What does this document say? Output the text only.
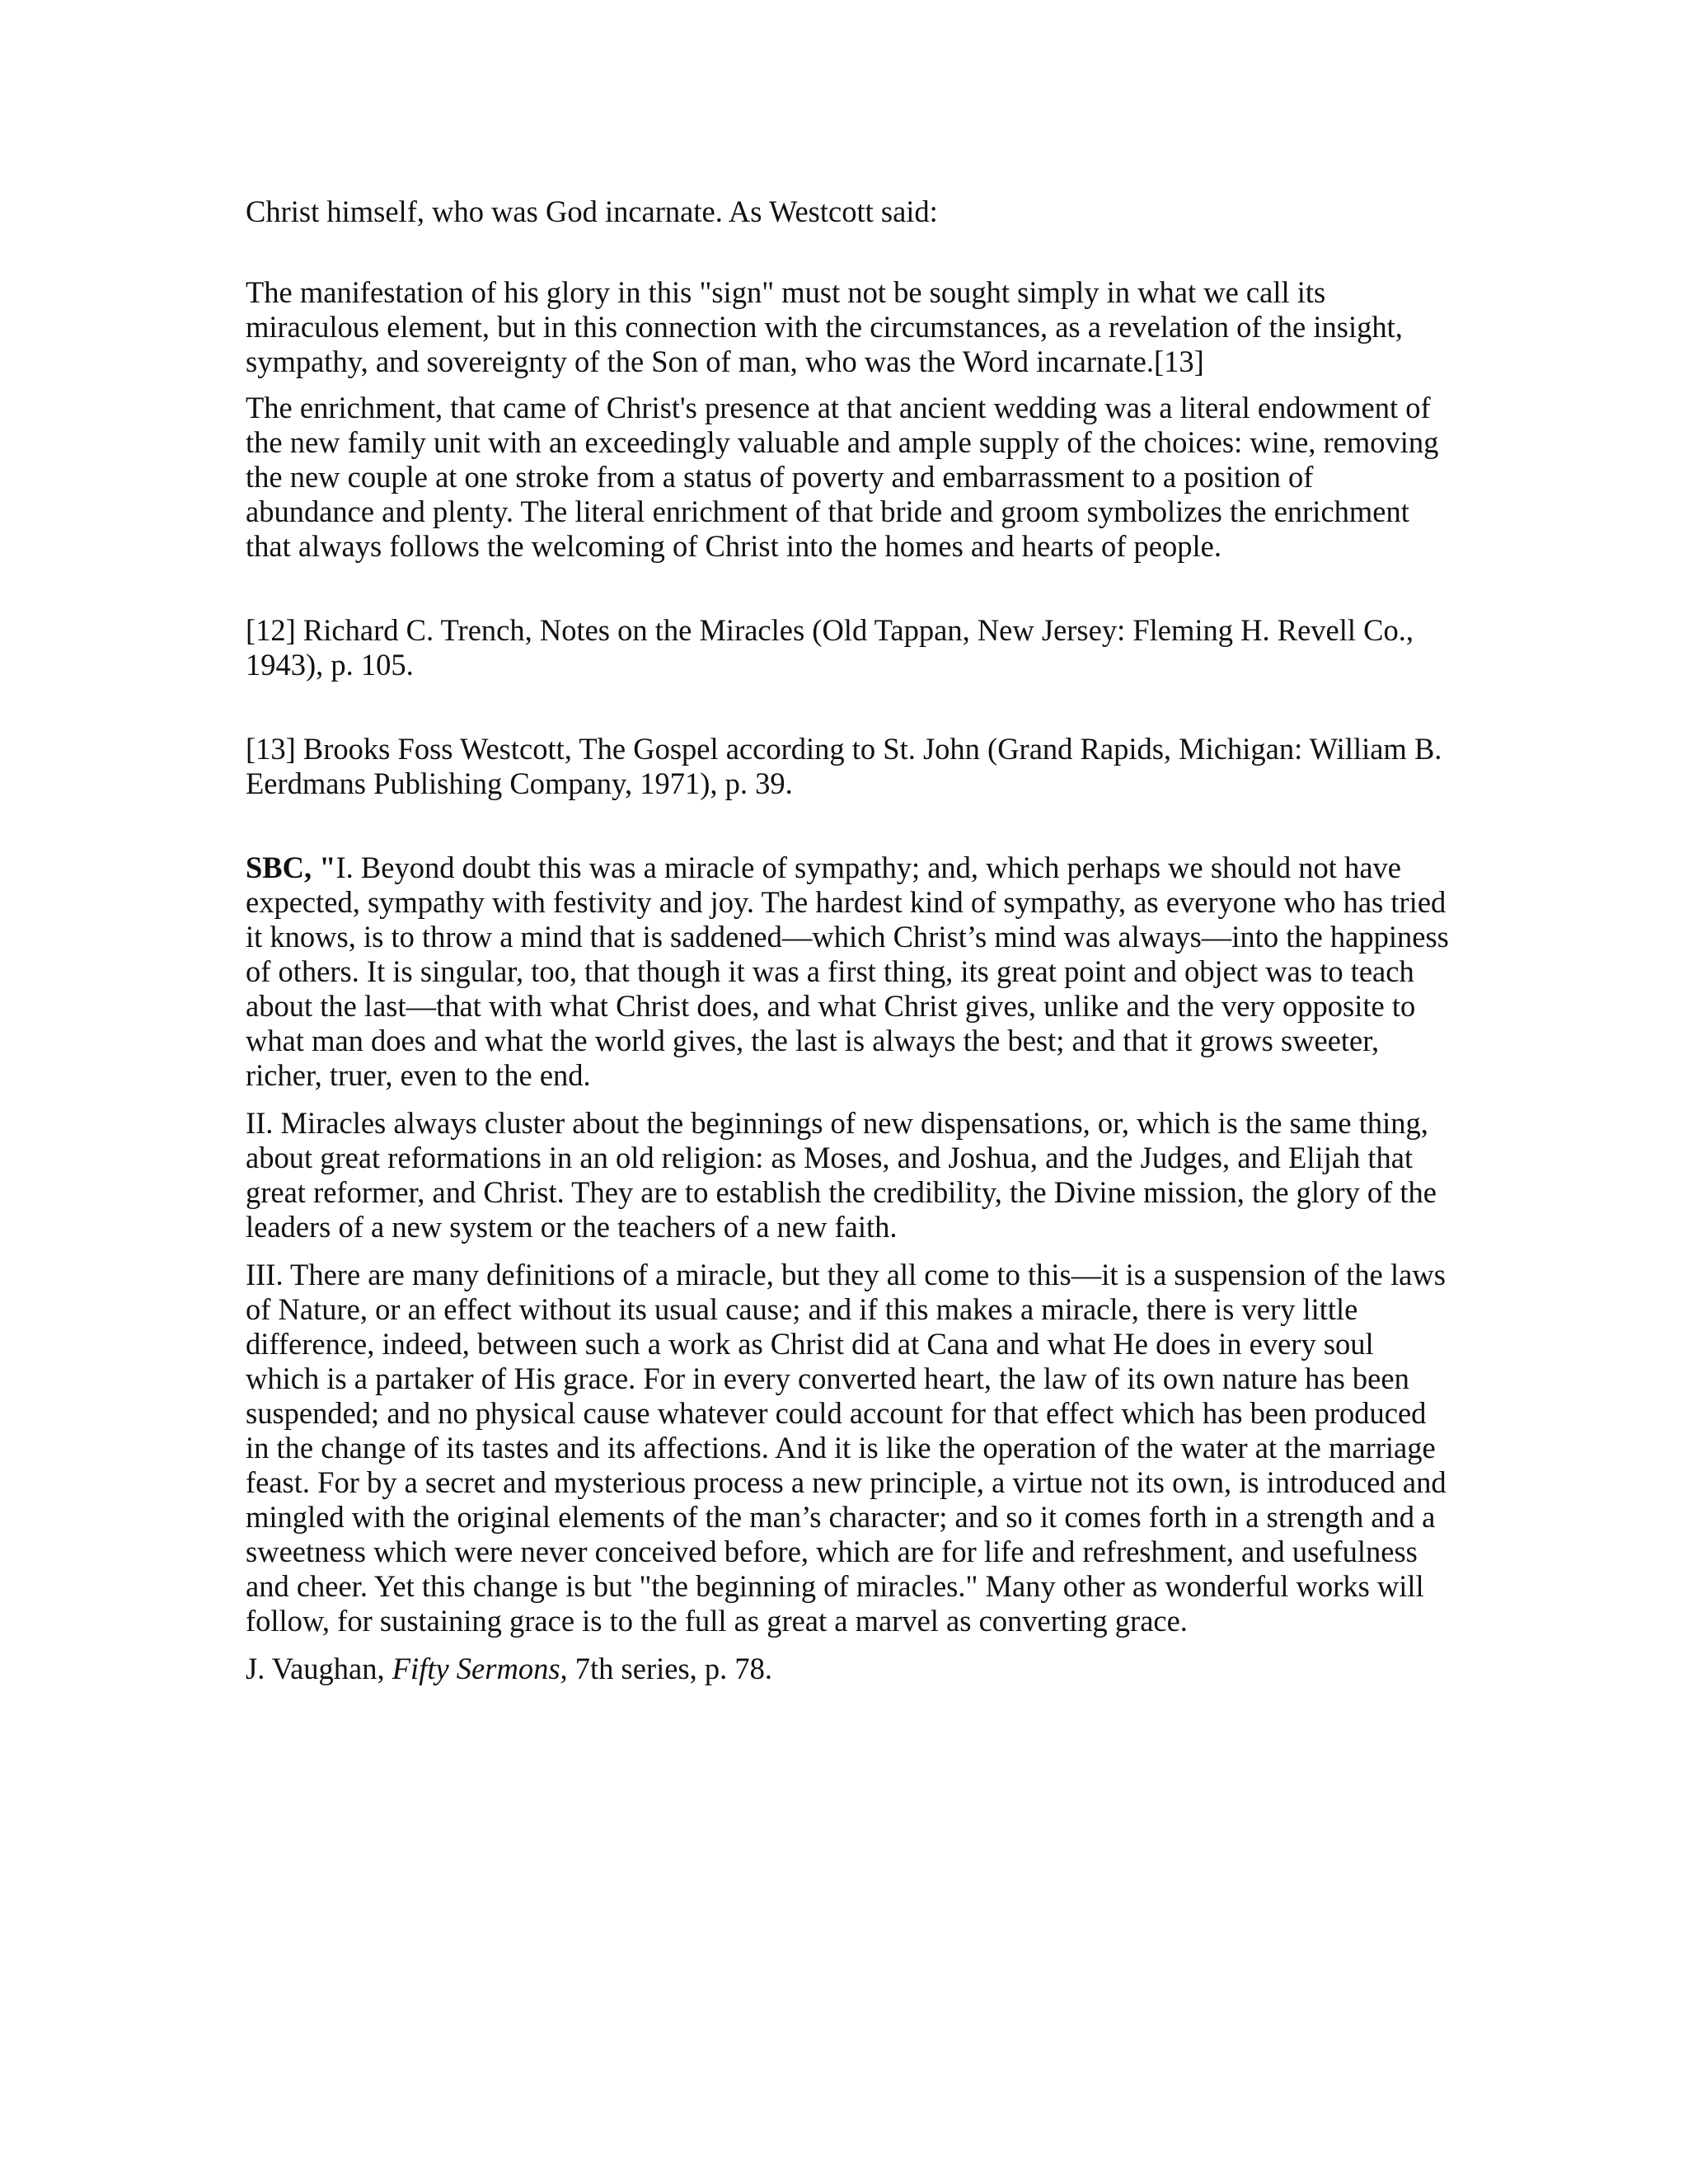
Christ himself, who was God incarnate. As Westcott said:

The manifestation of his glory in this "sign" must not be sought simply in what we call its miraculous element, but in this connection with the circumstances, as a revelation of the insight, sympathy, and sovereignty of the Son of man, who was the Word incarnate.[13]

The enrichment, that came of Christ's presence at that ancient wedding was a literal endowment of the new family unit with an exceedingly valuable and ample supply of the choices: wine, removing the new couple at one stroke from a status of poverty and embarrassment to a position of abundance and plenty. The literal enrichment of that bride and groom symbolizes the enrichment that always follows the welcoming of Christ into the homes and hearts of people.

[12] Richard C. Trench, Notes on the Miracles (Old Tappan, New Jersey: Fleming H. Revell Co., 1943), p. 105.

[13] Brooks Foss Westcott, The Gospel according to St. John (Grand Rapids, Michigan: William B. Eerdmans Publishing Company, 1971), p. 39.

SBC, "I. Beyond doubt this was a miracle of sympathy; and, which perhaps we should not have expected, sympathy with festivity and joy. The hardest kind of sympathy, as everyone who has tried it knows, is to throw a mind that is saddened—which Christ’s mind was always—into the happiness of others. It is singular, too, that though it was a first thing, its great point and object was to teach about the last—that with what Christ does, and what Christ gives, unlike and the very opposite to what man does and what the world gives, the last is always the best; and that it grows sweeter, richer, truer, even to the end.

II. Miracles always cluster about the beginnings of new dispensations, or, which is the same thing, about great reformations in an old religion: as Moses, and Joshua, and the Judges, and Elijah that great reformer, and Christ. They are to establish the credibility, the Divine mission, the glory of the leaders of a new system or the teachers of a new faith.

III. There are many definitions of a miracle, but they all come to this—it is a suspension of the laws of Nature, or an effect without its usual cause; and if this makes a miracle, there is very little difference, indeed, between such a work as Christ did at Cana and what He does in every soul which is a partaker of His grace. For in every converted heart, the law of its own nature has been suspended; and no physical cause whatever could account for that effect which has been produced in the change of its tastes and its affections. And it is like the operation of the water at the marriage feast. For by a secret and mysterious process a new principle, a virtue not its own, is introduced and mingled with the original elements of the man’s character; and so it comes forth in a strength and a sweetness which were never conceived before, which are for life and refreshment, and usefulness and cheer. Yet this change is but "the beginning of miracles." Many other as wonderful works will follow, for sustaining grace is to the full as great a marvel as converting grace.

J. Vaughan, Fifty Sermons, 7th series, p. 78.
